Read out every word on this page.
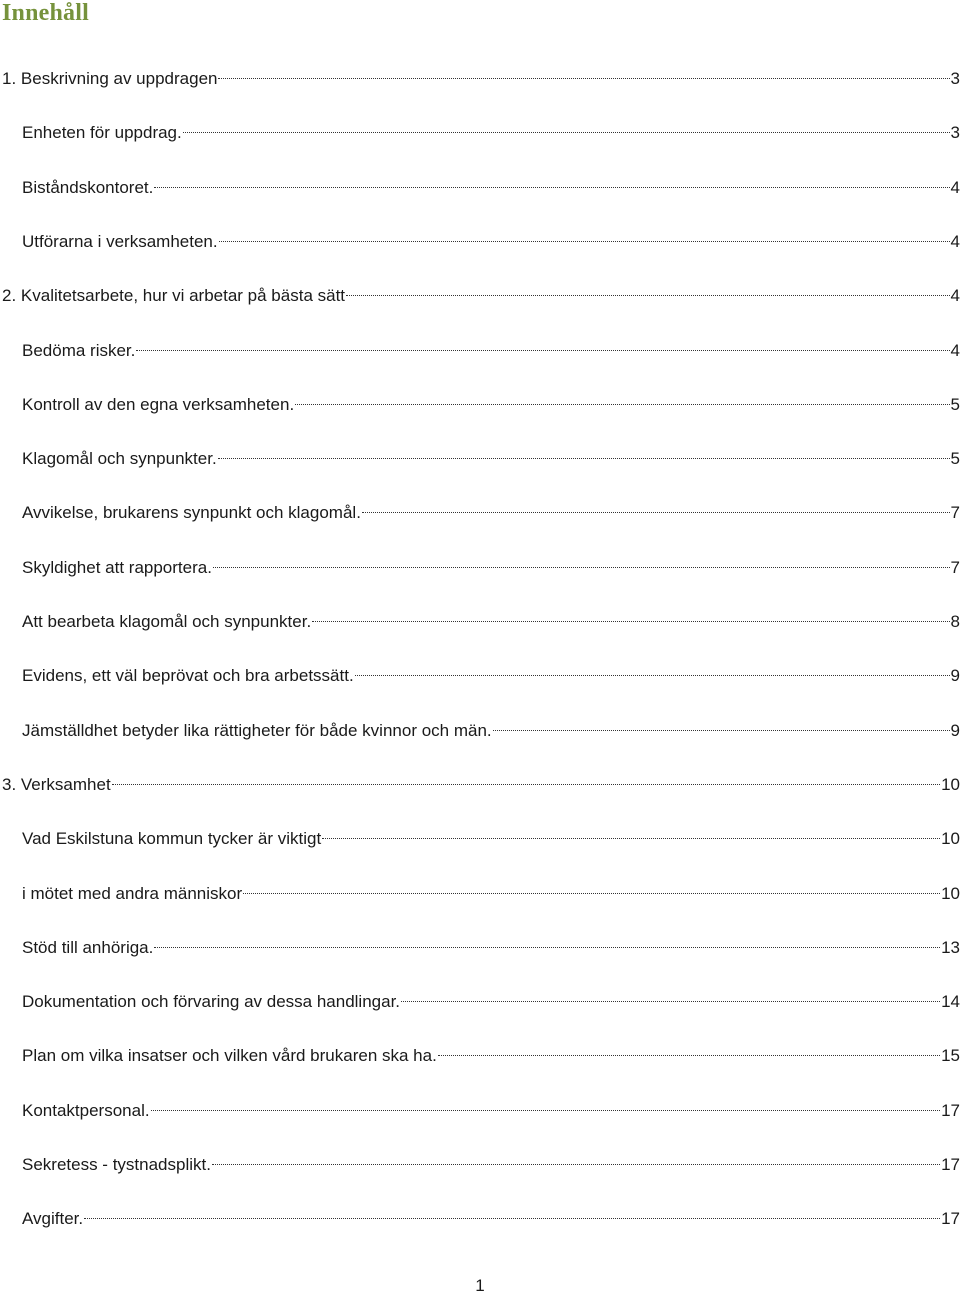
Innehåll
1. Beskrivning av uppdragen	3
Enheten för uppdrag.	3
Biståndskontoret.	4
Utförarna i verksamheten.	4
2. Kvalitetsarbete, hur vi arbetar på bästa sätt	4
Bedöma risker.	4
Kontroll av den egna verksamheten.	5
Klagomål och synpunkter.	5
Avvikelse, brukarens synpunkt och klagomål.	7
Skyldighet att rapportera.	7
Att bearbeta klagomål och synpunkter.	8
Evidens, ett väl beprövat och bra arbetssätt.	9
Jämställdhet betyder lika rättigheter för både kvinnor och män.	9
3. Verksamhet	10
Vad Eskilstuna kommun tycker är viktigt	10
i mötet med andra människor	10
Stöd till anhöriga.	13
Dokumentation och förvaring av dessa handlingar.	14
Plan om vilka insatser och vilken vård brukaren ska ha.	15
Kontaktpersonal.	17
Sekretess - tystnadsplikt.	17
Avgifter.	17
1
